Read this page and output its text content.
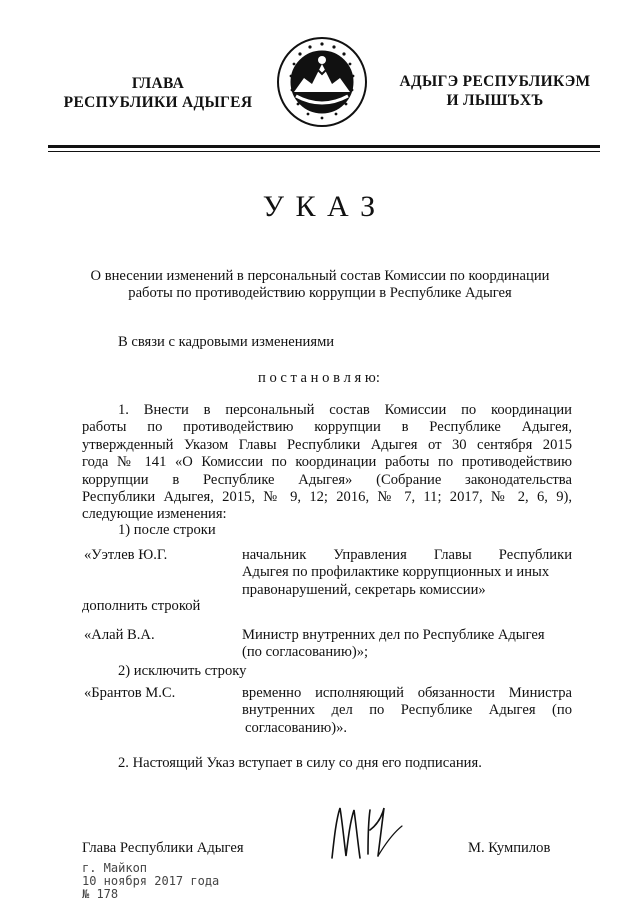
ГЛАВА
РЕСПУБЛИКИ АДЫГЕЯ
АДЫГЭ РЕСПУБЛИКЭМ
И ЛЫШЪХЪ
У К А З
О внесении изменений в персональный состав Комиссии по координации
работы по противодействию коррупции в Республике Адыгея
В связи с кадровыми изменениями
п о с т а н о в л я ю:
1. Внести в персональный состав Комиссии по координации
работы по противодействию коррупции в Республике Адыгея,
утвержденный Указом Главы Республики Адыгея от 30 сентября 2015
года № 141 «О Комиссии по координации работы по противодействию
коррупции в Республике Адыгея» (Собрание законодательства
Республики Адыгея, 2015, № 9, 12; 2016, № 7, 11; 2017, № 2, 6, 9),
следующие изменения:
1) после строки
«Уэтлев Ю.Г.	начальник Управления Главы Республики
Адыгея по профилактике коррупционных и иных
правонарушений, секретарь комиссии»
дополнить строкой
«Алай В.А.	Министр внутренних дел по Республике Адыгея
(по согласованию)»;
2) исключить строку
«Брантов М.С.	временно исполняющий обязанности Министра
внутренних дел по Республике Адыгея (по
согласованию)».
2. Настоящий Указ вступает в силу со дня его подписания.
Глава Республики Адыгея	М. Кумпилов
г. Майкоп
10 ноября 2017 года
№ 178
